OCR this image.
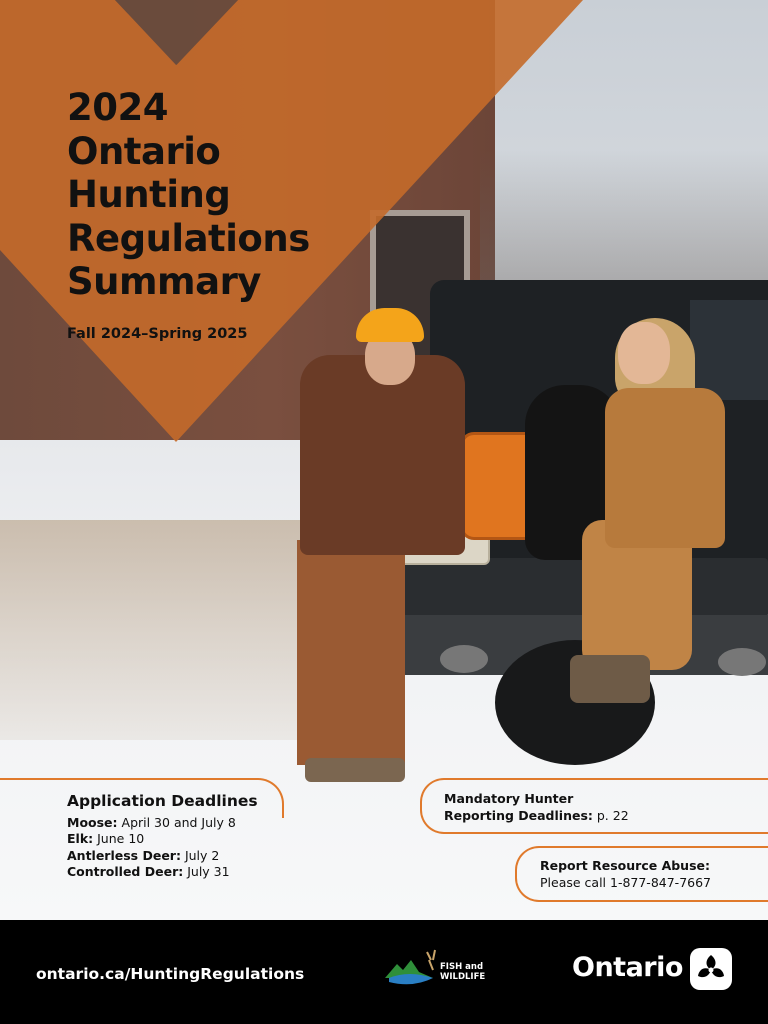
2024
Ontario
Hunting
Regulations
Summary
Fall 2024–Spring 2025
Application Deadlines
Moose: April 30 and July 8
Elk: June 10
Antlerless Deer: July 2
Controlled Deer: July 31
Mandatory Hunter
Reporting Deadlines: p. 22
Report Resource Abuse:
Please call 1-877-847-7667
ontario.ca/HuntingRegulations	FISH and
WILDLIFE	Ontario
